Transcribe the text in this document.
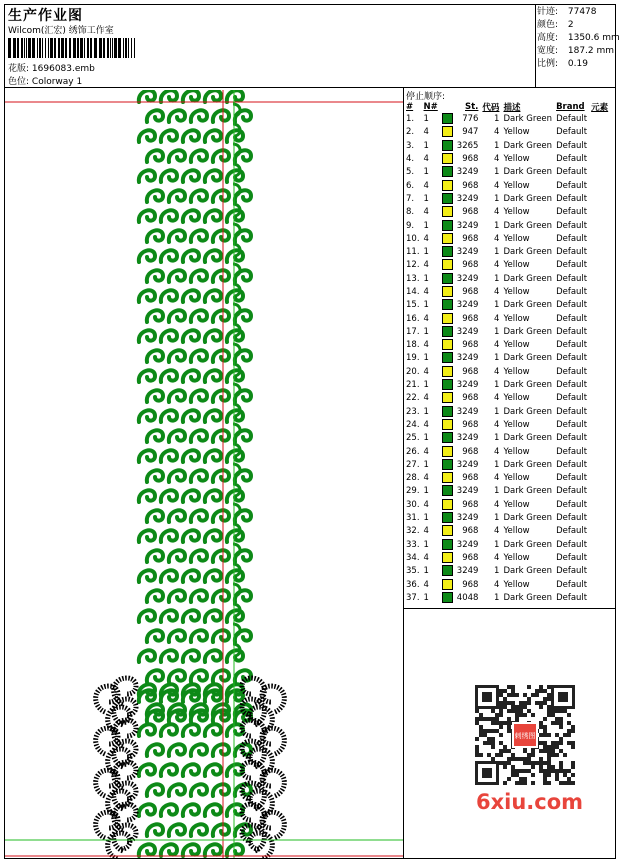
生产作业图
Wilcom(汇宏) 绣饰工作室
花版: 1696083.emb
色位: Colorway 1
针迹: 77478
颜色: 2
高度: 1350.6 mm
宽度: 187.2 mm
比例: 0.19
停止顺序:
#	N#		St.	代码	描述	Brand	元素
1.	1		776	1	Dark Green	Default	
2.	4		947	4	Yellow	Default	
3.	1		3265	1	Dark Green	Default	
4.	4		968	4	Yellow	Default	
5.	1		3249	1	Dark Green	Default	
6.	4		968	4	Yellow	Default	
7.	1		3249	1	Dark Green	Default	
8.	4		968	4	Yellow	Default	
9.	1		3249	1	Dark Green	Default	
10.	4		968	4	Yellow	Default	
11.	1		3249	1	Dark Green	Default	
12.	4		968	4	Yellow	Default	
13.	1		3249	1	Dark Green	Default	
14.	4		968	4	Yellow	Default	
15.	1		3249	1	Dark Green	Default	
16.	4		968	4	Yellow	Default	
17.	1		3249	1	Dark Green	Default	
18.	4		968	4	Yellow	Default	
19.	1		3249	1	Dark Green	Default	
20.	4		968	4	Yellow	Default	
21.	1		3249	1	Dark Green	Default	
22.	4		968	4	Yellow	Default	
23.	1		3249	1	Dark Green	Default	
24.	4		968	4	Yellow	Default	
25.	1		3249	1	Dark Green	Default	
26.	4		968	4	Yellow	Default	
27.	1		3249	1	Dark Green	Default	
28.	4		968	4	Yellow	Default	
29.	1		3249	1	Dark Green	Default	
30.	4		968	4	Yellow	Default	
31.	1		3249	1	Dark Green	Default	
32.	4		968	4	Yellow	Default	
33.	1		3249	1	Dark Green	Default	
34.	4		968	4	Yellow	Default	
35.	1		3249	1	Dark Green	Default	
36.	4		968	4	Yellow	Default	
37.	1		4048	1	Dark Green	Default	
刺绣图
6xiu.com
